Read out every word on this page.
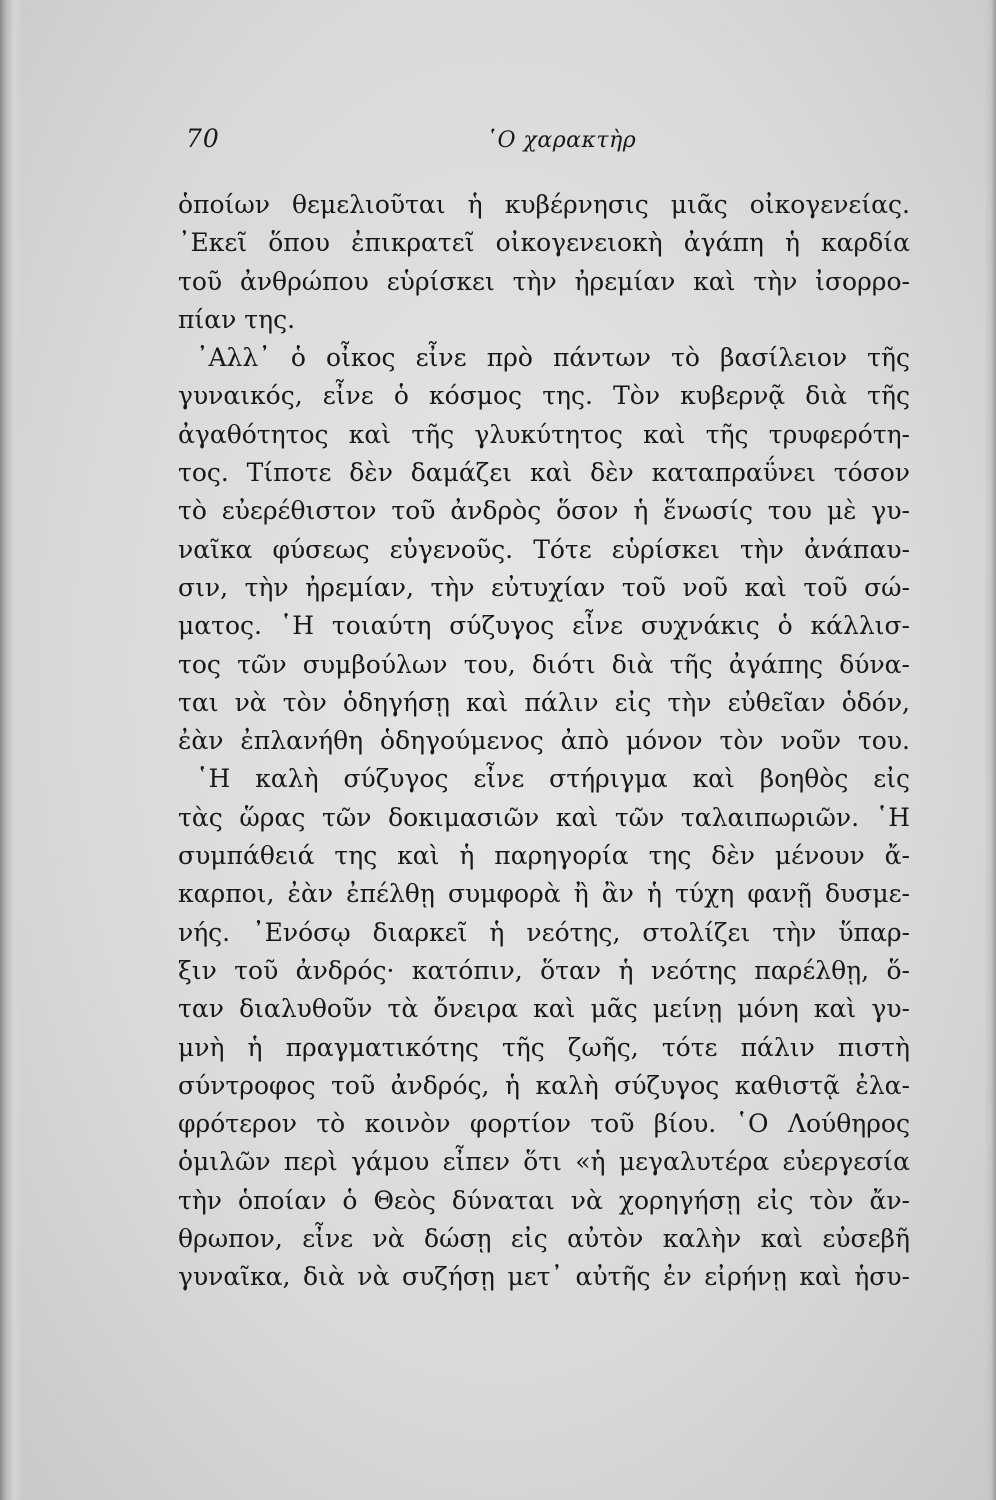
70	῾Ο χαρακτὴρ
ὁποίων θεμελιοῦται ἡ κυβέρνησις μιᾶς οἰκογενείας.
᾿Εκεῖ ὅπου ἐπικρατεῖ οἰκογενειοκὴ ἀγάπη ἡ καρδία
τοῦ ἀνθρώπου εὑρίσκει τὴν ἠρεμίαν καὶ τὴν ἰσορρο-
πίαν της.
᾿Αλλ᾿ ὁ οἶκος εἶνε πρὸ πάντων τὸ βασίλειον τῆς
γυναικός, εἶνε ὁ κόσμος της. Τὸν κυβερνᾷ διὰ τῆς
ἀγαθότητος καὶ τῆς γλυκύτητος καὶ τῆς τρυφερότη-
τος. Τίποτε δὲν δαμάζει καὶ δὲν καταπραΰνει τόσον
τὸ εὐερέθιστον τοῦ ἀνδρὸς ὅσον ἡ ἕνωσίς του μὲ γυ-
ναῖκα φύσεως εὐγενοῦς. Τότε εὑρίσκει τὴν ἀνάπαυ-
σιν, τὴν ἠρεμίαν, τὴν εὐτυχίαν τοῦ νοῦ καὶ τοῦ σώ-
ματος. ῾Η τοιαύτη σύζυγος εἶνε συχνάκις ὁ κάλλισ-
τος τῶν συμβούλων του, διότι διὰ τῆς ἀγάπης δύνα-
ται νὰ τὸν ὁδηγήσῃ καὶ πάλιν εἰς τὴν εὐθεῖαν ὁδόν,
ἐὰν ἐπλανήθη ὁδηγούμενος ἀπὸ μόνον τὸν νοῦν του.
῾Η καλὴ σύζυγος εἶνε στήριγμα καὶ βοηθὸς εἰς
τὰς ὥρας τῶν δοκιμασιῶν καὶ τῶν ταλαιπωριῶν. ῾Η
συμπάθειά της καὶ ἡ παρηγορία της δὲν μένουν ἄ-
καρποι, ἐὰν ἐπέλθῃ συμφορὰ ἢ ἂν ἡ τύχη φανῇ δυσμε-
νής. ᾿Ενόσῳ διαρκεῖ ἡ νεότης, στολίζει τὴν ὕπαρ-
ξιν τοῦ ἀνδρός· κατόπιν, ὅταν ἡ νεότης παρέλθῃ, ὅ-
ταν διαλυθοῦν τὰ ὄνειρα καὶ μᾶς μείνῃ μόνη καὶ γυ-
μνὴ ἡ πραγματικότης τῆς ζωῆς, τότε πάλιν πιστὴ
σύντροφος τοῦ ἀνδρός, ἡ καλὴ σύζυγος καθιστᾷ ἐλα-
φρότερον τὸ κοινὸν φορτίον τοῦ βίου. ῾Ο Λούθηρος
ὁμιλῶν περὶ γάμου εἶπεν ὅτι «ἡ μεγαλυτέρα εὐεργεσία
τὴν ὁποίαν ὁ Θεὸς δύναται νὰ χορηγήσῃ εἰς τὸν ἄν-
θρωπον, εἶνε νὰ δώσῃ εἰς αὐτὸν καλὴν καὶ εὐσεβῆ
γυναῖκα, διὰ νὰ συζήσῃ μετ᾿ αὐτῆς ἐν εἰρήνῃ καὶ ἡσυ-
